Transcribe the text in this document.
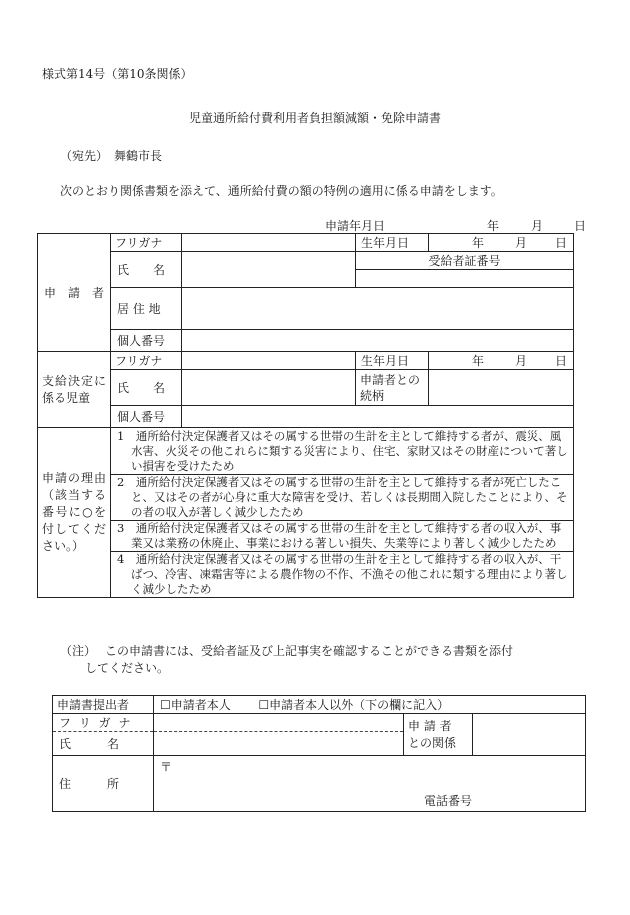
様式第14号（第10条関係）
児童通所給付費利用者負担額減額・免除申請書
（宛先）　舞鶴市長
次のとおり関係書類を添えて、通所給付費の額の特例の適用に係る申請をします。
申請年月日	年	月	日
申　請　者	フリガナ		生年月日	年 月 日

	氏　　名		受給者証番号	

	居 住 地			
	個人番号			
支給決定に係る児童	フリガナ		生年月日	年 月 日

	氏　　名		申請者との続柄	
	個人番号			
申請の理由（該当する番号に○を付してください。）	1　通所給付決定保護者又はその属する世帯の生計を主として維持する者が、震災、風水害、火災その他これらに類する災害により、住宅、家財又はその財産について著しい損害を受けたため

2　通所給付決定保護者又はその属する世帯の生計を主として維持する者が死亡したこと、又はその者が心身に重大な障害を受け、若しくは長期間入院したことにより、その者の収入が著しく減少したため

3　通所給付決定保護者又はその属する世帯の生計を主として維持する者の収入が、事業又は業務の休廃止、事業における著しい損失、失業等により著しく減少したため

4　通所給付決定保護者又はその属する世帯の生計を主として維持する者の収入が、干ばつ、冷害、凍霜害等による農作物の不作、不漁その他これに類する理由により著しく減少したため			

（注） この申請書には、受給者証及び上記事実を確認することができる書類を添付
してください。
申請書提出者	☐申請者本人 ☐申請者本人以外（下の欄に記入）		
フ リ ガ ナ		申 請 者
との関係	

氏　　　名			
住　　　所	〒
電話番号		
